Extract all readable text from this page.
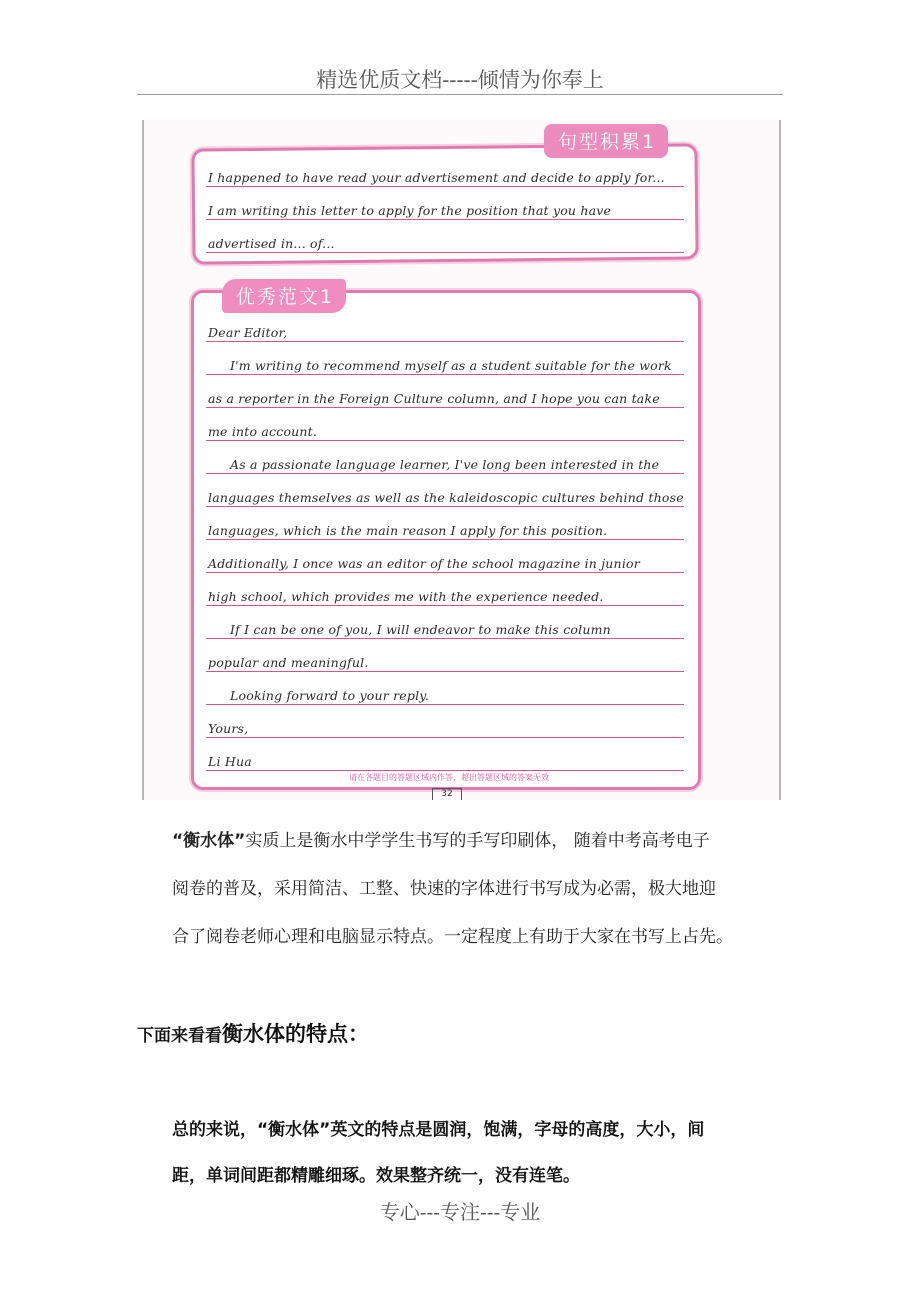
精选优质文档-----倾情为你奉上
句型积累1
I happened to have read your advertisement and decide to apply for...
I am writing this letter to apply for the position that you have
advertised in... of...
优秀范文1
Dear Editor,
I'm writing to recommend myself as a student suitable for the work
as a reporter in the Foreign Culture column, and I hope you can take
me into account.
As a passionate language learner, I've long been interested in the
languages themselves as well as the kaleidoscopic cultures behind those
languages, which is the main reason I apply for this position.
Additionally, I once was an editor of the school magazine in junior
high school, which provides me with the experience needed.
If I can be one of you, I will endeavor to make this column
popular and meaningful.
Looking forward to your reply.
Yours,
Li Hua
请在各题目的答题区域内作答，超出答题区域的答案无效
32
“衡水体”实质上是衡水中学学生书写的手写印刷体， 随着中考高考电子
阅卷的普及，采用简洁、工整、快速的字体进行书写成为必需，极大地迎
合了阅卷老师心理和电脑显示特点。一定程度上有助于大家在书写上占先。
下面来看看衡水体的特点：
总的来说，“衡水体”英文的特点是圆润，饱满，字母的高度，大小，间
距，单词间距都精雕细琢。效果整齐统一，没有连笔。
专心---专注---专业
